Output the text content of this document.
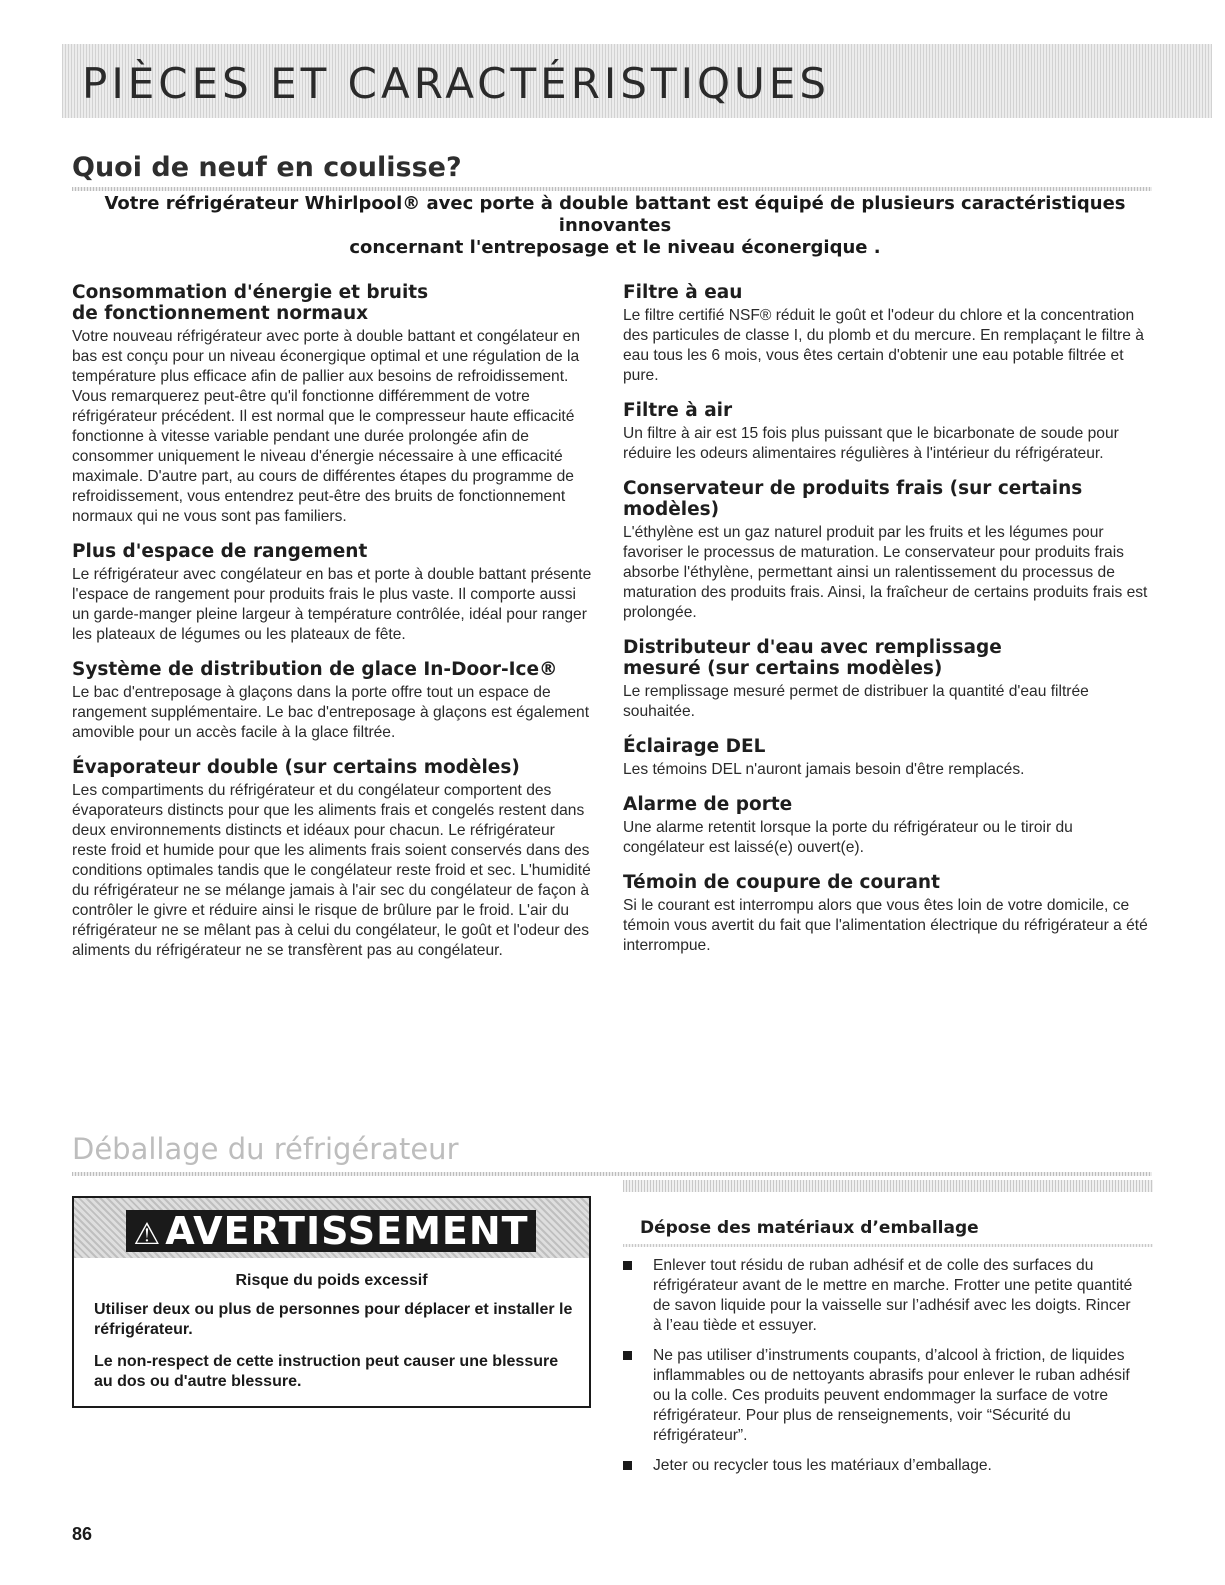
PIÈCES ET CARACTÉRISTIQUES
Quoi de neuf en coulisse?
Votre réfrigérateur Whirlpool® avec porte à double battant est équipé de plusieurs caractéristiques innovantes
concernant l'entreposage et le niveau éconergique .
Consommation d'énergie et bruits de fonctionnement normaux

Votre nouveau réfrigérateur avec porte à double battant et congélateur en bas est conçu pour un niveau éconergique optimal et une régulation de la température plus efficace afin de pallier aux besoins de refroidissement. Vous remarquerez peut-être qu'il fonctionne différemment de votre réfrigérateur précédent. Il est normal que le compresseur haute efficacité fonctionne à vitesse variable pendant une durée prolongée afin de consommer uniquement le niveau d'énergie nécessaire à une efficacité maximale. D'autre part, au cours de différentes étapes du programme de refroidissement, vous entendrez peut-être des bruits de fonctionnement normaux qui ne vous sont pas familiers.

Plus d'espace de rangement

Le réfrigérateur avec congélateur en bas et porte à double battant présente l'espace de rangement pour produits frais le plus vaste. Il comporte aussi un garde-manger pleine largeur à température contrôlée, idéal pour ranger les plateaux de légumes ou les plateaux de fête.

Système de distribution de glace In-Door-Ice®

Le bac d'entreposage à glaçons dans la porte offre tout un espace de rangement supplémentaire. Le bac d'entreposage à glaçons est également amovible pour un accès facile à la glace filtrée.

Évaporateur double (sur certains modèles)

Les compartiments du réfrigérateur et du congélateur comportent des évaporateurs distincts pour que les aliments frais et congelés restent dans deux environnements distincts et idéaux pour chacun. Le réfrigérateur reste froid et humide pour que les aliments frais soient conservés dans des conditions optimales tandis que le congélateur reste froid et sec. L'humidité du réfrigérateur ne se mélange jamais à l'air sec du congélateur de façon à contrôler le givre et réduire ainsi le risque de brûlure par le froid. L'air du réfrigérateur ne se mêlant pas à celui du congélateur, le goût et l'odeur des aliments du réfrigérateur ne se transfèrent pas au congélateur.

Filtre à eau

Le filtre certifié NSF® réduit le goût et l'odeur du chlore et la concentration des particules de classe I, du plomb et du mercure. En remplaçant le filtre à eau tous les 6 mois, vous êtes certain d'obtenir une eau potable filtrée et pure.

Filtre à air

Un filtre à air est 15 fois plus puissant que le bicarbonate de soude pour réduire les odeurs alimentaires régulières à l'intérieur du réfrigérateur.

Conservateur de produits frais (sur certains modèles)

L'éthylène est un gaz naturel produit par les fruits et les légumes pour favoriser le processus de maturation. Le conservateur pour produits frais absorbe l'éthylène, permettant ainsi un ralentissement du processus de maturation des produits frais. Ainsi, la fraîcheur de certains produits frais est prolongée.

Distributeur d'eau avec remplissage mesuré (sur certains modèles)

Le remplissage mesuré permet de distribuer la quantité d'eau filtrée souhaitée.

Éclairage DEL

Les témoins DEL n'auront jamais besoin d'être remplacés.

Alarme de porte

Une alarme retentit lorsque la porte du réfrigérateur ou le tiroir du congélateur est laissé(e) ouvert(e).

Témoin de coupure de courant

Si le courant est interrompu alors que vous êtes loin de votre domicile, ce témoin vous avertit du fait que l'alimentation électrique du réfrigérateur a été interrompue.

Déballage du réfrigérateur
⚠ AVERTISSEMENT
Risque du poids excessif
Utiliser deux ou plus de personnes pour déplacer et installer le réfrigérateur.
Le non-respect de cette instruction peut causer une blessure au dos ou d'autre blessure.
Dépose des matériaux d’emballage
Enlever tout résidu de ruban adhésif et de colle des surfaces du réfrigérateur avant de le mettre en marche. Frotter une petite quantité de savon liquide pour la vaisselle sur l’adhésif avec les doigts. Rincer à l’eau tiède et essuyer.
Ne pas utiliser d’instruments coupants, d’alcool à friction, de liquides inflammables ou de nettoyants abrasifs pour enlever le ruban adhésif ou la colle. Ces produits peuvent endommager la surface de votre réfrigérateur. Pour plus de renseignements, voir “Sécurité du réfrigérateur”.
Jeter ou recycler tous les matériaux d’emballage.
86
